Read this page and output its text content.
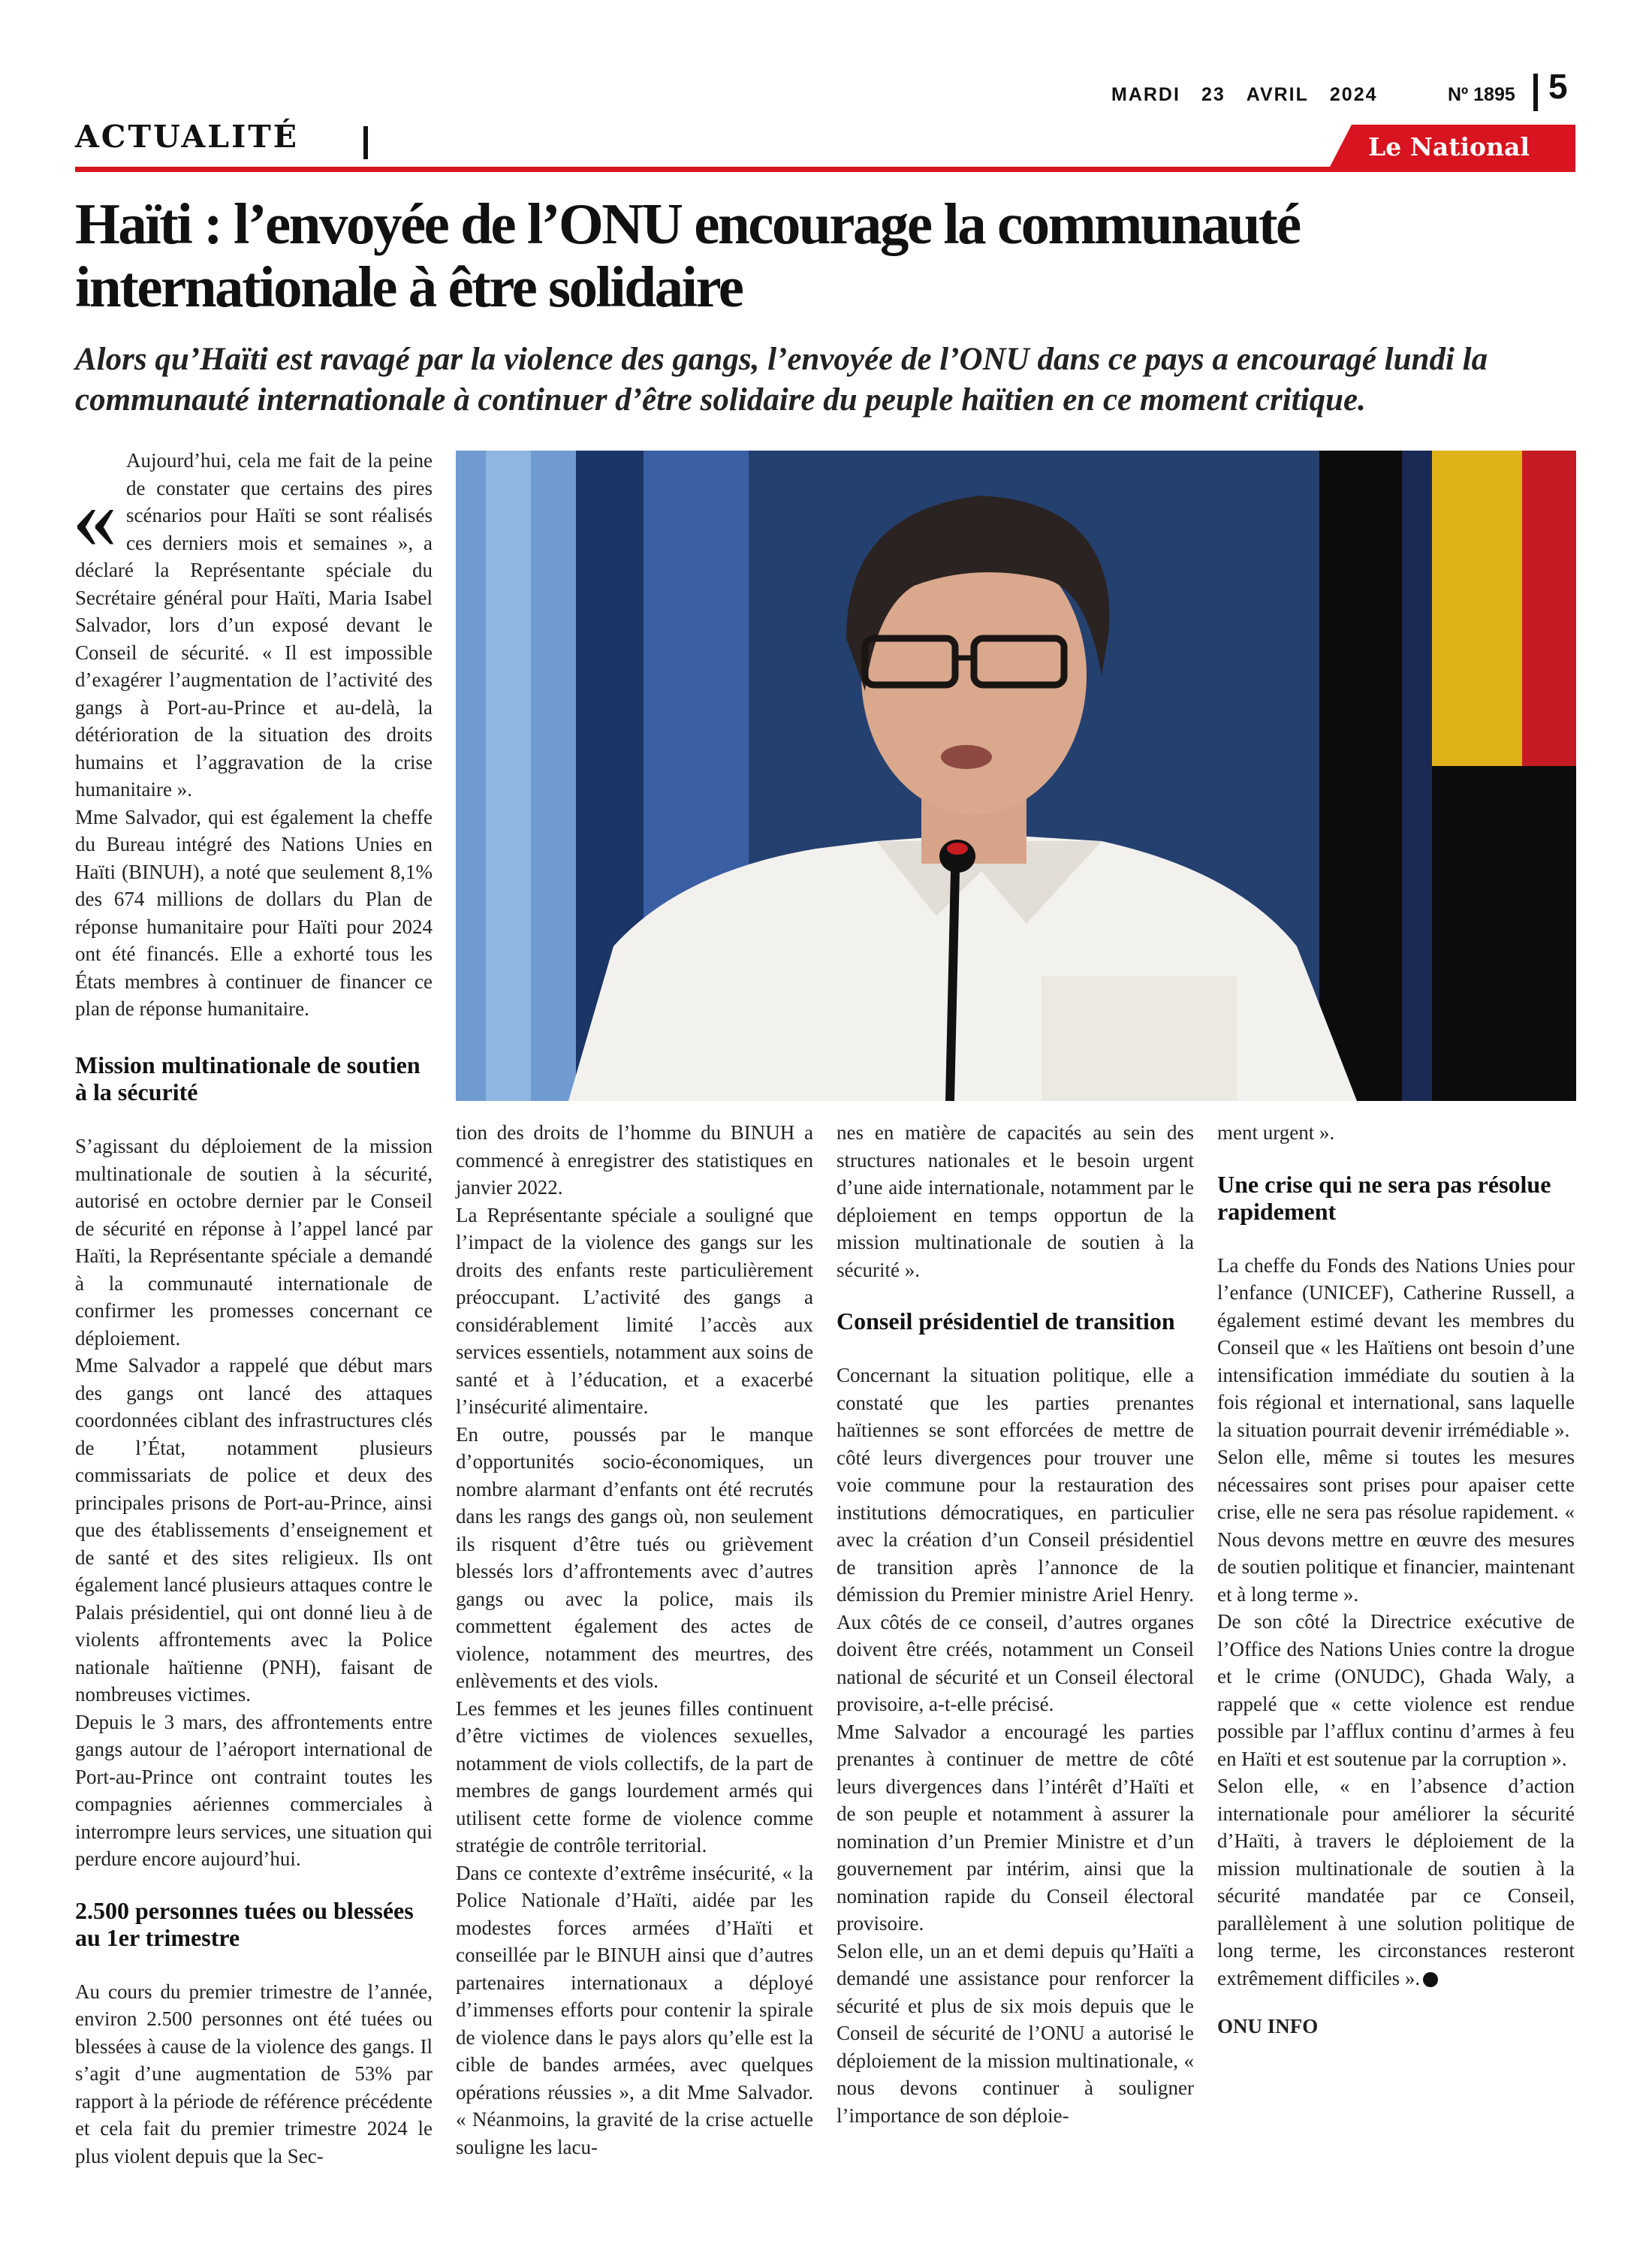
MARDI 23 AVRIL 2024	Nº 1895 5
ACTUALITÉ	Le National
Haïti : l’envoyée de l’ONU encourage la communauté
internationale à être solidaire
Alors qu’Haïti est ravagé par la violence des gangs, l’envoyée de l’ONU dans ce pays a encouragé lundi la communauté internationale à continuer d’être solidaire du peuple haïtien en ce moment critique.
«

Aujourd’hui, cela me fait de la peine de constater que certains des pires scénarios pour Haïti se sont réalisés ces derniers mois et semaines », a déclaré la Représentante spéciale du Secrétaire général pour Haïti, Maria Isabel Salvador, lors d’un exposé devant le Conseil de sécurité. « Il est impossible d’exagérer l’augmentation de l’activité des gangs à Port-au-Prince et au-delà, la détérioration de la situation des droits humains et l’aggravation de la crise humanitaire ».

Mme Salvador, qui est également la cheffe du Bureau intégré des Nations Unies en Haïti (BINUH), a noté que seulement 8,1% des 674 millions de dollars du Plan de réponse humanitaire pour Haïti pour 2024 ont été financés. Elle a exhorté tous les États membres à continuer de financer ce plan de réponse humanitaire.

Mission multinationale de soutien à la sécurité

S’agissant du déploiement de la mission multinationale de soutien à la sécurité, autorisé en octobre dernier par le Conseil de sécurité en réponse à l’appel lancé par Haïti, la Représentante spéciale a demandé à la communauté internationale de confirmer les promesses concernant ce déploiement.

Mme Salvador a rappelé que début mars des gangs ont lancé des attaques coordonnées ciblant des infrastructures clés de l’État, notamment plusieurs commissariats de police et deux des principales prisons de Port-au-Prince, ainsi que des établissements d’enseignement et de santé et des sites religieux. Ils ont également lancé plusieurs attaques contre le Palais présidentiel, qui ont donné lieu à de violents affrontements avec la Police nationale haïtienne (PNH), faisant de nombreuses victimes.

Depuis le 3 mars, des affrontements entre gangs autour de l’aéroport international de Port-au-Prince ont contraint toutes les compagnies aériennes commerciales à interrompre leurs services, une situation qui perdure encore aujourd’hui.

2.500 personnes tuées ou blessées au 1er trimestre

Au cours du premier trimestre de l’année, environ 2.500 personnes ont été tuées ou blessées à cause de la violence des gangs. Il s’agit d’une augmentation de 53% par rapport à la période de référence précédente et cela fait du premier trimestre 2024 le plus violent depuis que la Sec-

tion des droits de l’homme du BINUH a commencé à enregistrer des statistiques en janvier 2022.

La Représentante spéciale a souligné que l’impact de la violence des gangs sur les droits des enfants reste particulièrement préoccupant. L’activité des gangs a considérablement limité l’accès aux services essentiels, notamment aux soins de santé et à l’éducation, et a exacerbé l’insécurité alimentaire.

En outre, poussés par le manque d’opportunités socio-économiques, un nombre alarmant d’enfants ont été recrutés dans les rangs des gangs où, non seulement ils risquent d’être tués ou grièvement blessés lors d’affrontements avec d’autres gangs ou avec la police, mais ils commettent également des actes de violence, notamment des meurtres, des enlèvements et des viols.

Les femmes et les jeunes filles continuent d’être victimes de violences sexuelles, notamment de viols collectifs, de la part de membres de gangs lourdement armés qui utilisent cette forme de violence comme stratégie de contrôle territorial.

Dans ce contexte d’extrême insécurité, « la Police Nationale d’Haïti, aidée par les modestes forces armées d’Haïti et conseillée par le BINUH ainsi que d’autres partenaires internationaux a déployé d’immenses efforts pour contenir la spirale de violence dans le pays alors qu’elle est la cible de bandes armées, avec quelques opérations réussies », a dit Mme Salvador. « Néanmoins, la gravité de la crise actuelle souligne les lacu-

nes en matière de capacités au sein des structures nationales et le besoin urgent d’une aide internationale, notamment par le déploiement en temps opportun de la mission multinationale de soutien à la sécurité ».

Conseil présidentiel de transition

Concernant la situation politique, elle a constaté que les parties prenantes haïtiennes se sont efforcées de mettre de côté leurs divergences pour trouver une voie commune pour la restauration des institutions démocratiques, en particulier avec la création d’un Conseil présidentiel de transition après l’annonce de la démission du Premier ministre Ariel Henry. Aux côtés de ce conseil, d’autres organes doivent être créés, notamment un Conseil national de sécurité et un Conseil électoral provisoire, a-t-elle précisé.

Mme Salvador a encouragé les parties prenantes à continuer de mettre de côté leurs divergences dans l’intérêt d’Haïti et de son peuple et notamment à assurer la nomination d’un Premier Ministre et d’un gouvernement par intérim, ainsi que la nomination rapide du Conseil électoral provisoire.

Selon elle, un an et demi depuis qu’Haïti a demandé une assistance pour renforcer la sécurité et plus de six mois depuis que le Conseil de sécurité de l’ONU a autorisé le déploiement de la mission multinationale, « nous devons continuer à souligner l’importance de son déploie-

ment urgent ».

Une crise qui ne sera pas résolue rapidement

La cheffe du Fonds des Nations Unies pour l’enfance (UNICEF), Catherine Russell, a également estimé devant les membres du Conseil que « les Haïtiens ont besoin d’une intensification immédiate du soutien à la fois régional et international, sans laquelle la situation pourrait devenir irrémédiable ».

Selon elle, même si toutes les mesures nécessaires sont prises pour apaiser cette crise, elle ne sera pas résolue rapidement. « Nous devons mettre en œuvre des mesures de soutien politique et financier, maintenant et à long terme ».

De son côté la Directrice exécutive de l’Office des Nations Unies contre la drogue et le crime (ONUDC), Ghada Waly, a rappelé que « cette violence est rendue possible par l’afflux continu d’armes à feu en Haïti et est soutenue par la corruption ».

Selon elle, « en l’absence d’action internationale pour améliorer la sécurité d’Haïti, à travers le déploiement de la mission multinationale de soutien à la sécurité mandatée par ce Conseil, parallèlement à une solution politique de long terme, les circonstances resteront extrêmement difficiles ».

ONU INFO
